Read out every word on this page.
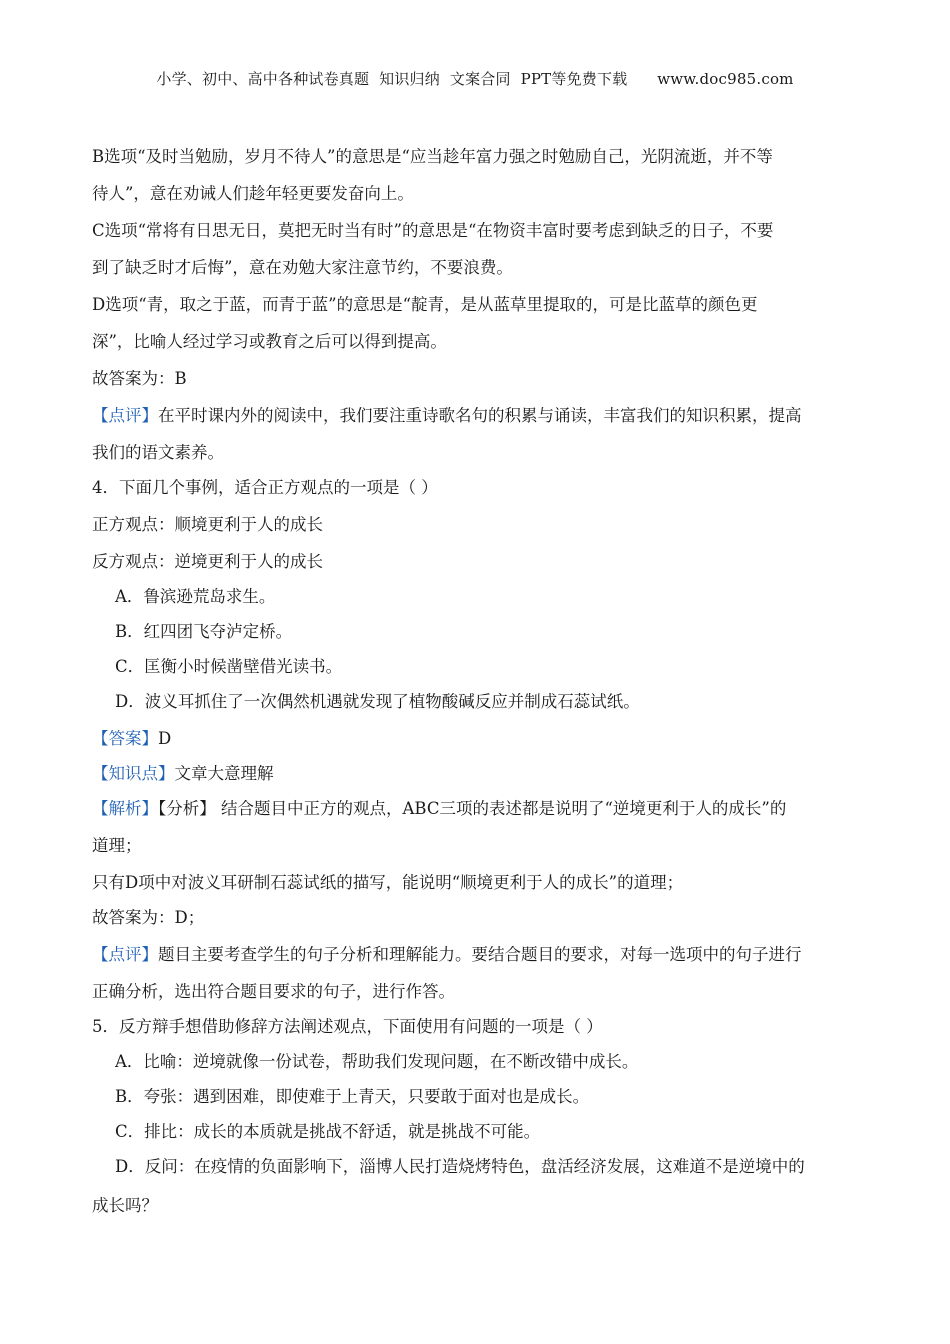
小学、初中、高中各种试卷真题  知识归纳  文案合同  PPT等免费下载      www.doc985.com
B选项“及时当勉励，岁月不待人”的意思是“应当趁年富力强之时勉励自己，光阴流逝，并不等
待人”，意在劝诫人们趁年轻更要发奋向上。
C选项“常将有日思无日，莫把无时当有时”的意思是“在物资丰富时要考虑到缺乏的日子，不要
到了缺乏时才后悔”，意在劝勉大家注意节约，不要浪费。
D选项“青，取之于蓝，而青于蓝”的意思是“靛青，是从蓝草里提取的，可是比蓝草的颜色更
深”，比喻人经过学习或教育之后可以得到提高。
故答案为：B
【点评】在平时课内外的阅读中，我们要注重诗歌名句的积累与诵读，丰富我们的知识积累，提高
我们的语文素养。
4．下面几个事例，适合正方观点的一项是（ ）
正方观点：顺境更利于人的成长
反方观点：逆境更利于人的成长
A．鲁滨逊荒岛求生。
B．红四团飞夺泸定桥。
C．匡衡小时候凿壁借光读书。
D．波义耳抓住了一次偶然机遇就发现了植物酸碱反应并制成石蕊试纸。
【答案】D
【知识点】文章大意理解
【解析】【分析】 结合题目中正方的观点，ABC三项的表述都是说明了“逆境更利于人的成长”的
道理；
只有D项中对波义耳研制石蕊试纸的描写，能说明“顺境更利于人的成长”的道理；
故答案为：D；
【点评】题目主要考查学生的句子分析和理解能力。要结合题目的要求，对每一选项中的句子进行
正确分析，选出符合题目要求的句子，进行作答。
5．反方辩手想借助修辞方法阐述观点，下面使用有问题的一项是（ ）
A．比喻：逆境就像一份试卷，帮助我们发现问题，在不断改错中成长。
B．夸张：遇到困难，即使难于上青天，只要敢于面对也是成长。
C．排比：成长的本质就是挑战不舒适，就是挑战不可能。
D．反问：在疫情的负面影响下，淄博人民打造烧烤特色，盘活经济发展，这难道不是逆境中的
成长吗？
